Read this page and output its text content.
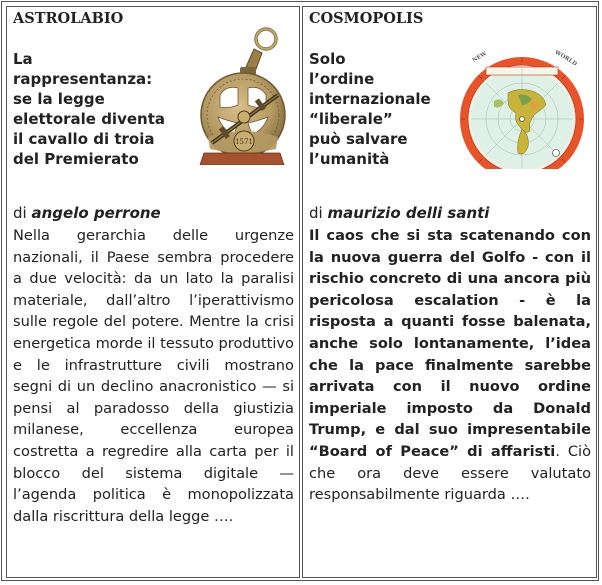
ASTROLABIO
La
rappresentanza:
se la legge
elettorale diventa
il cavallo di troia
del Premierato
1571
di angelo perrone
Nella gerarchia delle urgenze nazionali, il Paese sembra procedere a due velocità: da un lato la paralisi materiale, dall’altro l’iperattivismo sulle regole del potere. Mentre la crisi energetica morde il tessuto produttivo e le infrastrutture civili mostrano segni di un declino anacronistico — si pensi al paradosso della giustizia milanese, eccellenza europea costretta a regredire alla carta per il blocco del sistema digitale — l’agenda politica è monopolizzata dalla riscrittura della legge ….
COSMOPOLIS
Solo
l’ordine
internazionale
“liberale”
può salvare
l’umanità
NEW	WORLD
di maurizio delli santi
Il caos che si sta scatenando con la nuova guerra del Golfo - con il rischio concreto di una ancora più pericolosa escalation - è la risposta a quanti fosse balenata, anche solo lontanamente, l’idea che la pace finalmente sarebbe arrivata con il nuovo ordine imperiale imposto da Donald Trump, e dal suo impresentabile “Board of Peace” di affaristi. Ciò che ora deve essere valutato responsabilmente riguarda ….
